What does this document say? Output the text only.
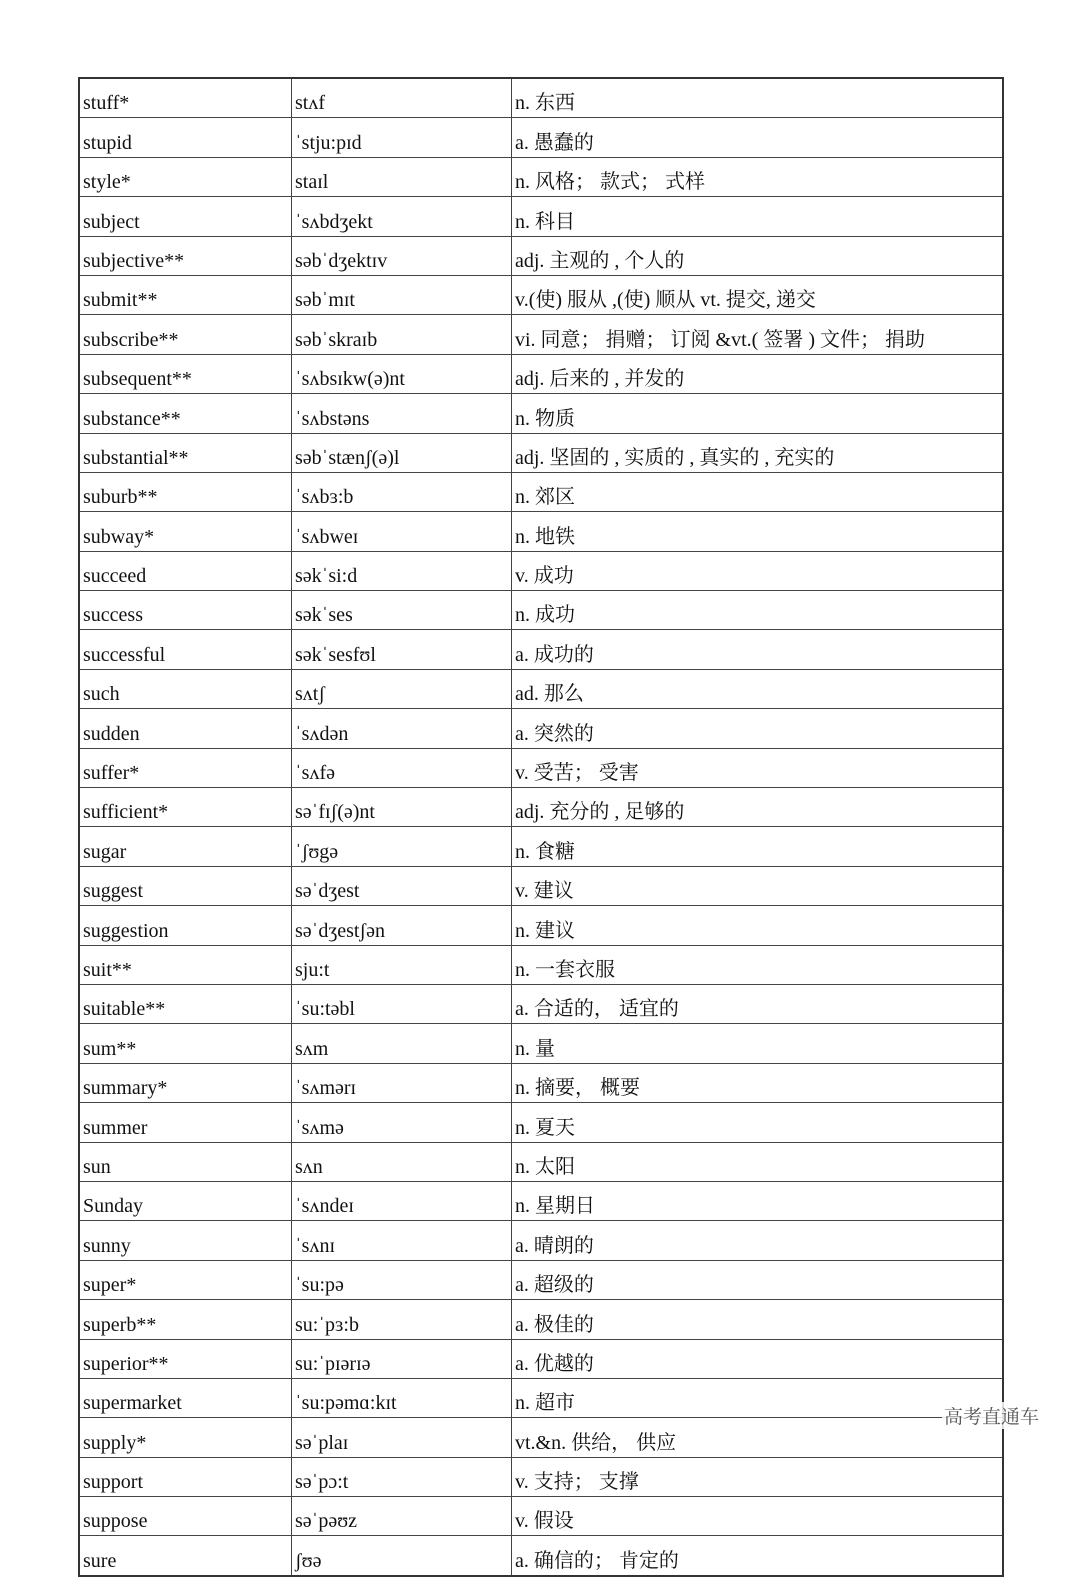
stuff*	stʌf	n. 东西
stupid	ˈstju:pɪd	a. 愚蠢的
style*	staɪl	n. 风格； 款式； 式样
subject	ˈsʌbdʒekt	n. 科目
subjective**	səbˈdʒektɪv	adj. 主观的 , 个人的
submit**	səbˈmɪt	v.(使) 服从 ,(使) 顺从 vt. 提交, 递交
subscribe**	səbˈskraɪb	vi. 同意； 捐赠； 订阅 &vt.( 签署 ) 文件； 捐助
subsequent**	ˈsʌbsɪkw(ə)nt	adj. 后来的 , 并发的
substance**	ˈsʌbstəns	n. 物质
substantial**	səbˈstænʃ(ə)l	adj. 坚固的 , 实质的 , 真实的 , 充实的
suburb**	ˈsʌbɜ:b	n. 郊区
subway*	ˈsʌbweɪ	n. 地铁
succeed	səkˈsi:d	v. 成功
success	səkˈses	n. 成功
successful	səkˈsesfʊl	a. 成功的
such	sʌtʃ	ad. 那么
sudden	ˈsʌdən	a. 突然的
suffer*	ˈsʌfə	v. 受苦； 受害
sufficient*	səˈfɪʃ(ə)nt	adj. 充分的 , 足够的
sugar	ˈʃʊgə	n. 食糖
suggest	səˈdʒest	v. 建议
suggestion	səˈdʒestʃən	n. 建议
suit**	sju:t	n. 一套衣服
suitable**	ˈsu:təbl	a. 合适的， 适宜的
sum**	sʌm	n. 量
summary*	ˈsʌmərɪ	n. 摘要， 概要
summer	ˈsʌmə	n. 夏天
sun	sʌn	n. 太阳
Sunday	ˈsʌndeɪ	n. 星期日
sunny	ˈsʌnɪ	a. 晴朗的
super*	ˈsu:pə	a. 超级的
superb**	su:ˈpɜ:b	a. 极佳的
superior**	su:ˈpɪərɪə	a. 优越的
supermarket	ˈsu:pəmɑ:kɪt	n. 超市
supply*	səˈplaɪ	vt.&n. 供给， 供应
support	səˈpɔ:t	v. 支持； 支撑
suppose	səˈpəʊz	v. 假设
sure	ʃʊə	a. 确信的； 肯定的
高考直通车
